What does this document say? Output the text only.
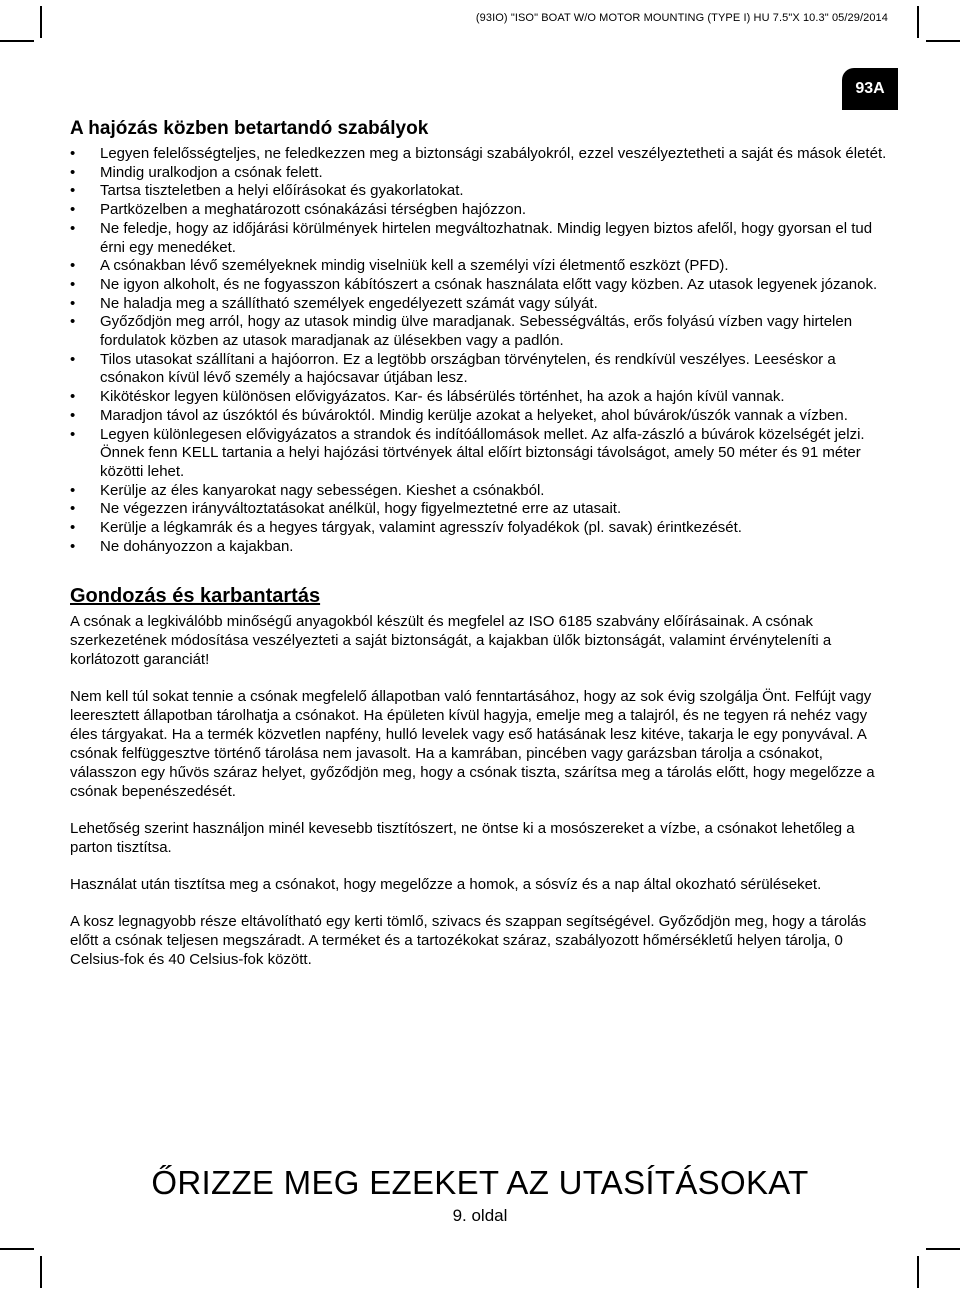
(93IO) "ISO" BOAT W/O MOTOR MOUNTING (TYPE I) HU 7.5"X 10.3" 05/29/2014
93A
A hajózás közben betartandó szabályok
• Legyen felelősségteljes, ne feledkezzen meg a biztonsági szabályokról, ezzel veszélyeztetheti a saját és mások életét.
• Mindig uralkodjon a csónak felett.
• Tartsa tiszteletben a helyi előírásokat és gyakorlatokat.
• Partközelben a meghatározott csónakázási térségben hajózzon.
• Ne feledje, hogy az időjárási körülmények hirtelen megváltozhatnak. Mindig legyen biztos afelől, hogy gyorsan el tud érni egy menedéket.
• A csónakban lévő személyeknek mindig viselniük kell a személyi vízi életmentő eszközt (PFD).
• Ne igyon alkoholt, és ne fogyasszon kábítószert a csónak használata előtt vagy közben. Az utasok legyenek józanok.
• Ne haladja meg a szállítható személyek engedélyezett számát vagy súlyát.
• Győződjön meg arról, hogy az utasok mindig ülve maradjanak. Sebességváltás, erős folyású vízben vagy hirtelen fordulatok közben az utasok maradjanak az ülésekben vagy a padlón.
• Tilos utasokat szállítani a hajóorron. Ez a legtöbb országban törvénytelen, és rendkívül veszélyes. Leeséskor a csónakon kívül lévő személy a hajócsavar útjában lesz.
• Kikötéskor legyen különösen elővigyázatos. Kar- és lábsérülés történhet, ha azok a hajón kívül vannak.
• Maradjon távol az úszóktól és búvároktól. Mindig kerülje azokat a helyeket, ahol búvárok/úszók vannak a vízben.
• Legyen különlegesen elővigyázatos a strandok és indítóállomások mellet. Az alfa-zászló a búvárok közelségét jelzi. Önnek fenn KELL tartania a helyi hajózási törtvények által előírt biztonsági távolságot, amely 50 méter és 91 méter közötti lehet.
• Kerülje az éles kanyarokat nagy sebességen. Kieshet a csónakból.
• Ne végezzen irányváltoztatásokat anélkül, hogy figyelmeztetné erre az utasait.
• Kerülje a légkamrák és a hegyes tárgyak, valamint agresszív folyadékok (pl. savak) érintkezését.
• Ne dohányozzon a kajakban.
Gondozás és karbantartás

A csónak a legkiválóbb minőségű anyagokból készült és megfelel az ISO 6185 szabvány előírásainak. A csónak szerkezetének módosítása veszélyezteti a saját biztonságát, a kajakban ülők biztonságát, valamint érvényteleníti a korlátozott garanciát!

Nem kell túl sokat tennie a csónak megfelelő állapotban való fenntartásához, hogy az sok évig szolgálja Önt. Felfújt vagy leeresztett állapotban tárolhatja a csónakot. Ha épületen kívül hagyja, emelje meg a talajról, és ne tegyen rá nehéz vagy éles tárgyakat. Ha a termék közvetlen napfény, hulló levelek vagy eső hatásának lesz kitéve, takarja le egy ponyvával. A csónak felfüggesztve történő tárolása nem javasolt. Ha a kamrában, pincében vagy garázsban tárolja a csónakot, válasszon egy hűvös száraz helyet, győződjön meg, hogy a csónak tiszta, szárítsa meg a tárolás előtt, hogy megelőzze a csónak bepenészedését.

Lehetőség szerint használjon minél kevesebb tisztítószert, ne öntse ki a mosószereket a vízbe, a csónakot lehetőleg a parton tisztítsa.

Használat után tisztítsa meg a csónakot, hogy megelőzze a homok, a sósvíz és a nap által okozható sérüléseket.

A kosz legnagyobb része eltávolítható egy kerti tömlő, szivacs és szappan segítségével. Győződjön meg, hogy a tárolás előtt a csónak teljesen megszáradt. A terméket és a tartozékokat száraz, szabályozott hőmérsékletű helyen tárolja, 0 Celsius-fok és 40 Celsius-fok között.

ŐRIZZE MEG EZEKET AZ UTASÍTÁSOKAT
9. oldal
